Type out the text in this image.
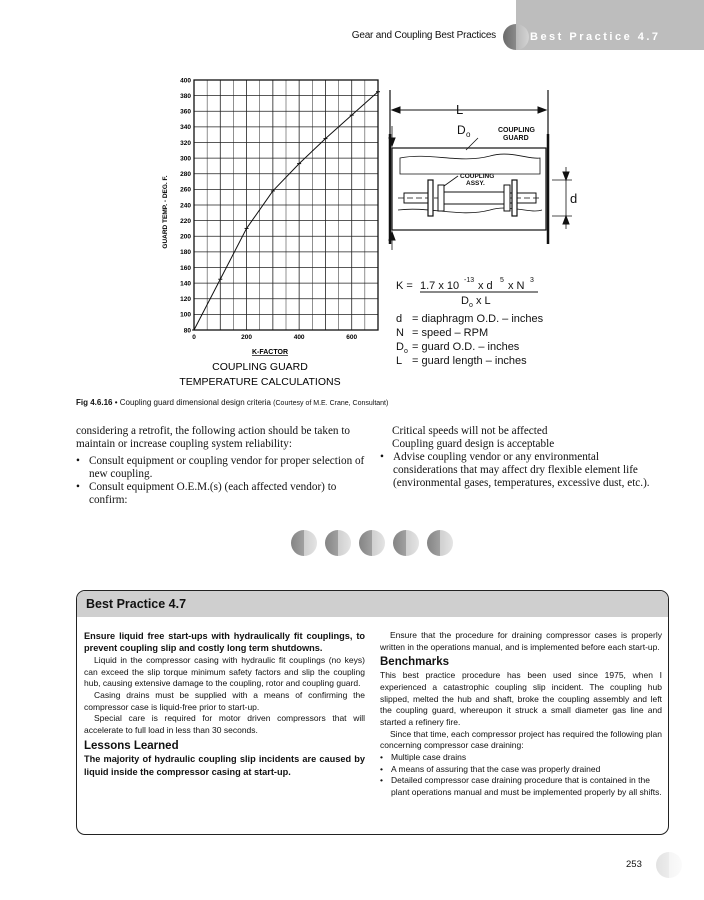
Gear and Coupling Best Practices	Best Practice 4.7
80
100
120
140
160
180
200
220
240
260
280
300
320
340
360
380
400
0	200	400	600
GUARD TEMP. - DEG. F.
K-FACTOR
COUPLING GUARD
TEMPERATURE CALCULATIONS
L
D o	COUPLING
GUARD
COUPLING
ASSY.
d
K = 1.7 x 10 -13 x d 5 x N 3
D o x L
d = diaphragm O.D. – inches
N = speed – RPM
D o = guard O.D. – inches
L = guard length – inches
Fig 4.6.16 • Coupling guard dimensional design criteria (Courtesy of M.E. Crane, Consultant)

considering a retrofit, the following action should be taken to maintain or increase coupling system reliability:

• Consult equipment or coupling vendor for proper selection of new coupling.
• Consult equipment O.E.M.(s) (each affected vendor) to confirm:

Critical speeds will not be affected

Coupling guard design is acceptable

• Advise coupling vendor or any environmental considerations that may affect dry flexible element life (environmental gases, temperatures, excessive dust, etc.).
Best Practice 4.7

Ensure liquid free start-ups with hydraulically fit couplings, to prevent coupling slip and costly long term shutdowns.

Liquid in the compressor casing with hydraulic fit couplings (no keys) can exceed the slip torque minimum safety factors and slip the coupling hub, causing extensive damage to the coupling, rotor and coupling guard.

Casing drains must be supplied with a means of confirming the compressor case is liquid-free prior to start-up.

Special care is required for motor driven compressors that will accelerate to full load in less than 30 seconds.

Lessons Learned

The majority of hydraulic coupling slip incidents are caused by liquid inside the compressor casing at start-up.

Ensure that the procedure for draining compressor cases is properly written in the operations manual, and is implemented before each start-up.

Benchmarks

This best practice procedure has been used since 1975, when I experienced a catastrophic coupling slip incident. The coupling hub slipped, melted the hub and shaft, broke the coupling assembly and left the coupling guard, whereupon it struck a small diameter gas line and started a refinery fire.

Since that time, each compressor project has required the following plan concerning compressor case draining:

• Multiple case drains
• A means of assuring that the case was properly drained
• Detailed compressor case draining procedure that is contained in the plant operations manual and must be implemented properly by all shifts.
253
